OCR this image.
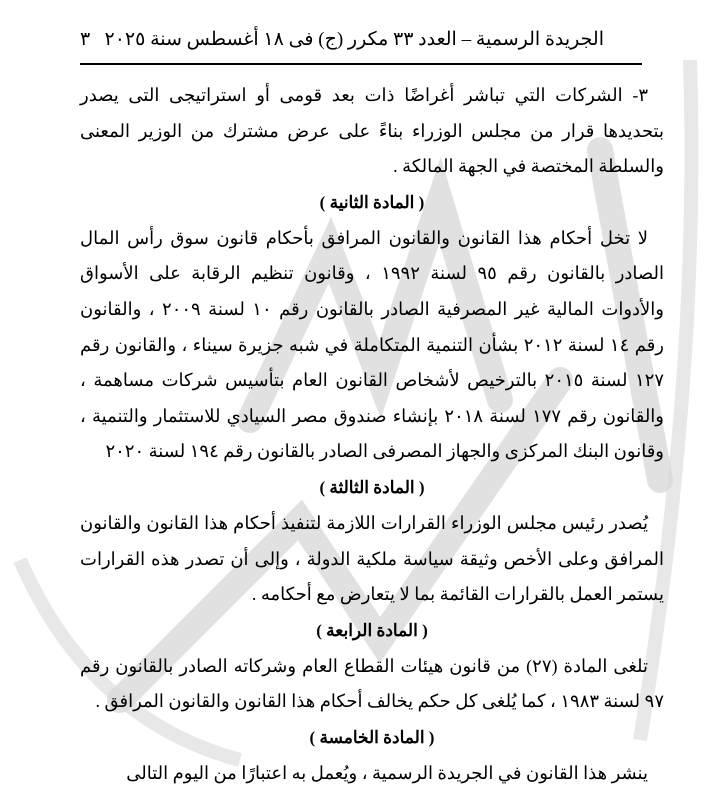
الجريدة الرسمية – العدد ٣٣ مكرر (ج) فى ١٨ أغسطس سنة ٢٠٢٥
٣

٣- الشركات التي تباشر أغراضًا ذات بعد قومى أو استراتيجى التى يصدر بتحديدها قرار من مجلس الوزراء بناءً على عرض مشترك من الوزير المعنى والسلطة المختصة في الجهة المالكة .

( المادة الثانية )

لا تخل أحكام هذا القانون والقانون المرافق بأحكام قانون سوق رأس المال الصادر بالقانون رقم ٩٥ لسنة ١٩٩٢ ، وقانون تنظيم الرقابة على الأسواق والأدوات المالية غير المصرفية الصادر بالقانون رقم ١٠ لسنة ٢٠٠٩ ، والقانون رقم ١٤ لسنة ٢٠١٢ بشأن التنمية المتكاملة في شبه جزيرة سيناء ، والقانون رقم ١٢٧ لسنة ٢٠١٥ بالترخيص لأشخاص القانون العام بتأسيس شركات مساهمة ، والقانون رقم ١٧٧ لسنة ٢٠١٨ بإنشاء صندوق مصر السيادي للاستثمار والتنمية ، وقانون البنك المركزى والجهاز المصرفى الصادر بالقانون رقم ١٩٤ لسنة ٢٠٢٠

( المادة الثالثة )

يُصدر رئيس مجلس الوزراء القرارات اللازمة لتنفيذ أحكام هذا القانون والقانون المرافق وعلى الأخص وثيقة سياسة ملكية الدولة ، وإلى أن تصدر هذه القرارات يستمر العمل بالقرارات القائمة بما لا يتعارض مع أحكامه .

( المادة الرابعة )

تلغى المادة (٢٧) من قانون هيئات القطاع العام وشركاته الصادر بالقانون رقم ٩٧ لسنة ١٩٨٣ ، كما يُلغى كل حكم يخالف أحكام هذا القانون والقانون المرافق .

( المادة الخامسة )

ينشر هذا القانون في الجريدة الرسمية ، ويُعمل به اعتبارًا من اليوم التالى
